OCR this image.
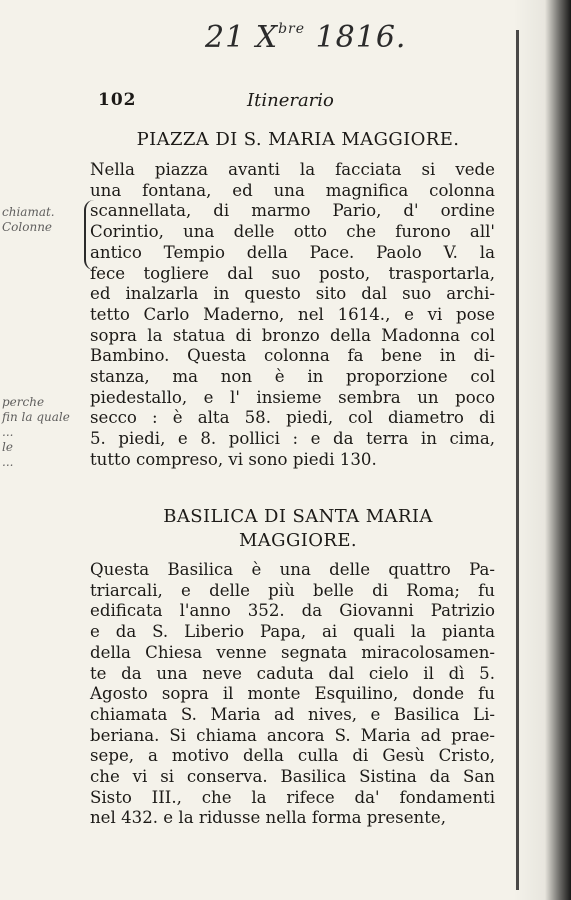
21 $X^{bre}$ 1816.
chiamat.
Colonne
perche
fin la quale
...
le
...
102	Itinerario
PIAZZA DI S. MARIA MAGGIORE.
Nella piazza avanti la facciata si vede
una fontana, ed una magnifica colonna
scannellata, di marmo Pario, d' ordine
Corintio, una delle otto che furono all'
antico Tempio della Pace. Paolo V. la
fece togliere dal suo posto, trasportarla,
ed inalzarla in questo sito dal suo archi-
tetto Carlo Maderno, nel 1614., e vi pose
sopra la statua di bronzo della Madonna col
Bambino. Questa colonna fa bene in di-
stanza, ma non è in proporzione col
piedestallo, e l' insieme sembra un poco
secco : è alta 58. piedi, col diametro di
5. piedi, e 8. pollici : e da terra in cima,
tutto compreso, vi sono piedi 130.
BASILICA DI SANTA MARIA
MAGGIORE.
Questa Basilica è una delle quattro Pa-
triarcali, e delle più belle di Roma; fu
edificata l'anno 352. da Giovanni Patrizio
e da S. Liberio Papa, ai quali la pianta
della Chiesa venne segnata miracolosamen-
te da una neve caduta dal cielo il dì 5.
Agosto sopra il monte Esquilino, donde fu
chiamata S. Maria ad nives, e Basilica Li-
beriana. Si chiama ancora S. Maria ad prae-
sepe, a motivo della culla di Gesù Cristo,
che vi si conserva. Basilica Sistina da San
Sisto III., che la rifece da' fondamenti
nel 432. e la ridusse nella forma presente,
